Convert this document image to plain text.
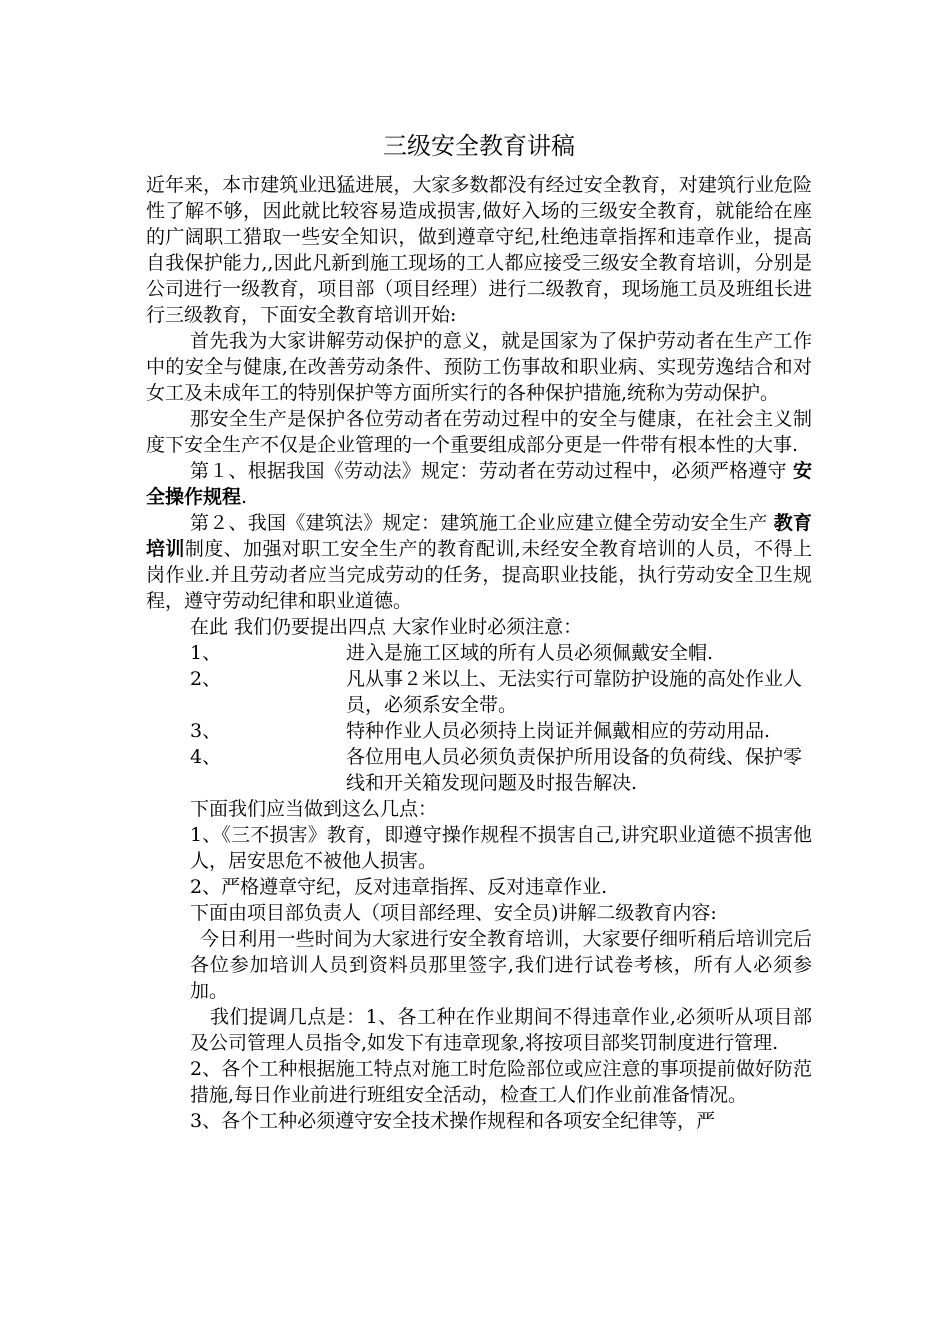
三级安全教育讲稿

近年来，本市建筑业迅猛进展，大家多数都没有经过安全教育，对建筑行业危险性了解不够，因此就比较容易造成损害,做好入场的三级安全教育，就能给在座的广阔职工猎取一些安全知识，做到遵章守纪,杜绝违章指挥和违章作业，提高自我保护能力,,因此凡新到施工现场的工人都应接受三级安全教育培训，分别是公司进行一级教育，项目部（项目经理）进行二级教育，现场施工员及班组长进行三级教育，下面安全教育培训开始:

首先我为大家讲解劳动保护的意义，就是国家为了保护劳动者在生产工作中的安全与健康,在改善劳动条件、预防工伤事故和职业病、实现劳逸结合和对女工及未成年工的特别保护等方面所实行的各种保护措施,统称为劳动保护。

那安全生产是保护各位劳动者在劳动过程中的安全与健康，在社会主义制度下安全生产不仅是企业管理的一个重要组成部分更是一件带有根本性的大事.

第１、根据我国《劳动法》规定：劳动者在劳动过程中，必须严格遵守 安全操作规程.

第２、我国《建筑法》规定：建筑施工企业应建立健全劳动安全生产 教育培训制度、加强对职工安全生产的教育配训,未经安全教育培训的人员，不得上岗作业.并且劳动者应当完成劳动的任务，提高职业技能，执行劳动安全卫生规程，遵守劳动纪律和职业道德。

在此 我们仍要提出四点 大家作业时必须注意：

1、	进入是施工区域的所有人员必须佩戴安全帽.
2、	凡从事２米以上、无法实行可靠防护设施的高处作业人员，必须系安全带。
3、	特种作业人员必须持上岗证并佩戴相应的劳动用品.
4、	各位用电人员必须负责保护所用设备的负荷线、保护零线和开关箱发现问题及时报告解决.

下面我们应当做到这么几点：

1、《三不损害》教育，即遵守操作规程不损害自己,讲究职业道德不损害他人，居安思危不被他人损害。

2、严格遵章守纪，反对违章指挥、反对违章作业.

下面由项目部负责人（项目部经理、安全员)讲解二级教育内容:

今日利用一些时间为大家进行安全教育培训，大家要仔细听稍后培训完后各位参加培训人员到资料员那里签字,我们进行试卷考核，所有人必须参加。

我们提调几点是：1、各工种在作业期间不得违章作业,必须听从项目部及公司管理人员指令,如发下有违章现象,将按项目部奖罚制度进行管理.

2、各个工种根据施工特点对施工时危险部位或应注意的事项提前做好防范措施,每日作业前进行班组安全活动，检查工人们作业前准备情况。

3、各个工种必须遵守安全技术操作规程和各项安全纪律等，严
